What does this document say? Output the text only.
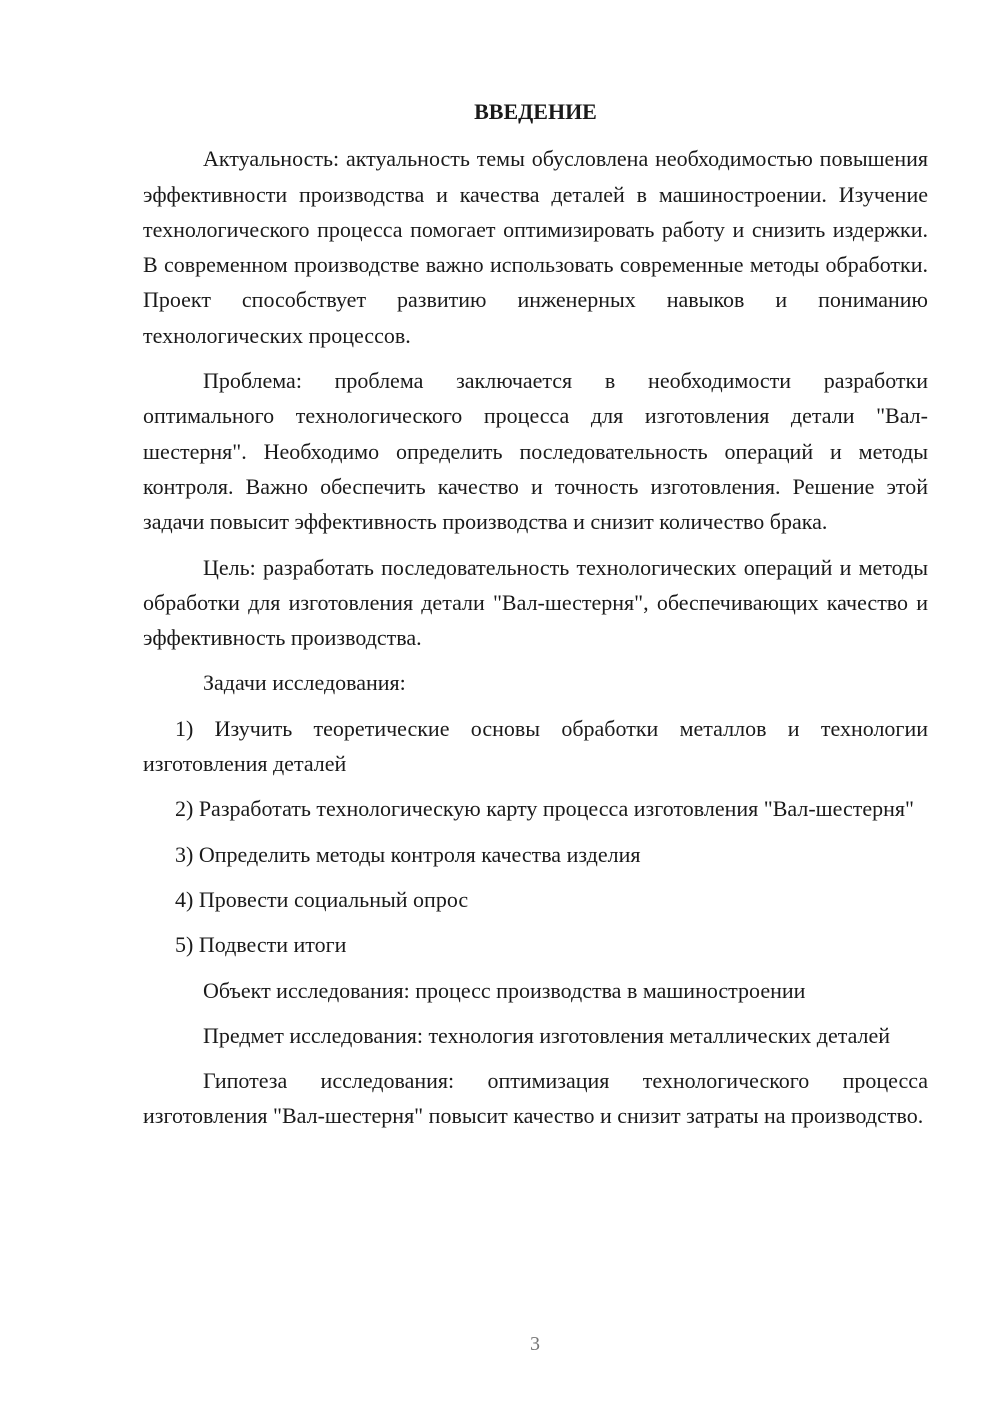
ВВЕДЕНИЕ

Актуальность: актуальность темы обусловлена необходимостью повышения эффективности производства и качества деталей в машиностроении. Изучение технологического процесса помогает оптимизировать работу и снизить издержки. В современном производстве важно использовать современные методы обработки. Проект способствует развитию инженерных навыков и пониманию технологических процессов.

Проблема: проблема заключается в необходимости разработки оптимального технологического процесса для изготовления детали "Вал-шестерня". Необходимо определить последовательность операций и методы контроля. Важно обеспечить качество и точность изготовления. Решение этой задачи повысит эффективность производства и снизит количество брака.

Цель: разработать последовательность технологических операций и методы обработки для изготовления детали "Вал-шестерня", обеспечивающих качество и эффективность производства.

Задачи исследования:

1) Изучить теоретические основы обработки металлов и технологии изготовления деталей

2) Разработать технологическую карту процесса изготовления "Вал-шестерня"

3) Определить методы контроля качества изделия

4) Провести социальный опрос

5) Подвести итоги

Объект исследования: процесс производства в машиностроении

Предмет исследования: технология изготовления металлических деталей

Гипотеза исследования: оптимизация технологического процесса изготовления "Вал-шестерня" повысит качество и снизит затраты на производство.

3
